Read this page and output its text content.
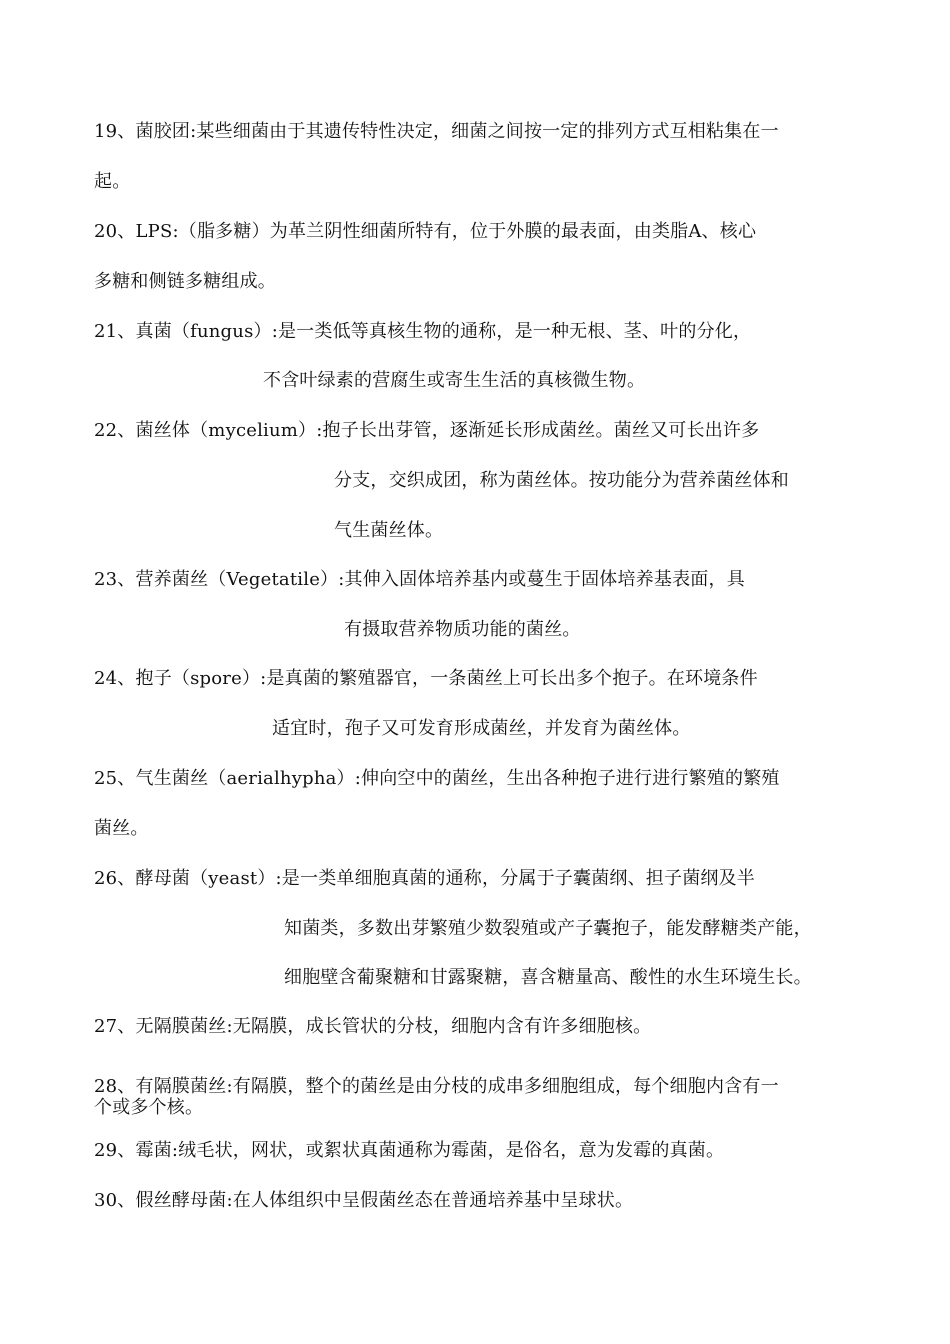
19、菌胶团:某些细菌由于其遗传特性决定，细菌之间按一定的排列方式互相粘集在一
起。
20、LPS:（脂多糖）为革兰阴性细菌所特有，位于外膜的最表面，由类脂A、核心
多糖和侧链多糖组成。
21、真菌（fungus）:是一类低等真核生物的通称，是一种无根、茎、叶的分化，
不含叶绿素的营腐生或寄生生活的真核微生物。
22、菌丝体（mycelium）:抱子长出芽管，逐渐延长形成菌丝。菌丝又可长出许多
分支，交织成团，称为菌丝体。按功能分为营养菌丝体和
气生菌丝体。
23、营养菌丝（Vegetatile）:其伸入固体培养基内或蔓生于固体培养基表面，具
有摄取营养物质功能的菌丝。
24、抱子（spore）:是真菌的繁殖器官，一条菌丝上可长出多个抱子。在环境条件
适宜时，孢子又可发育形成菌丝，并发育为菌丝体。
25、气生菌丝（aerialhypha）:伸向空中的菌丝，生出各种抱子进行进行繁殖的繁殖
菌丝。
26、酵母菌（yeast）:是一类单细胞真菌的通称，分属于子囊菌纲、担子菌纲及半
知菌类，多数出芽繁殖少数裂殖或产子囊抱子，能发酵糖类产能，
细胞壁含葡聚糖和甘露聚糖，喜含糖量高、酸性的水生环境生长。
27、无隔膜菌丝:无隔膜，成长管状的分枝，细胞内含有许多细胞核。
28、有隔膜菌丝:有隔膜，整个的菌丝是由分枝的成串多细胞组成，每个细胞内含有一
个或多个核。
29、霉菌:绒毛状，网状，或絮状真菌通称为霉菌，是俗名，意为发霉的真菌。
30、假丝酵母菌:在人体组织中呈假菌丝态在普通培养基中呈球状。
